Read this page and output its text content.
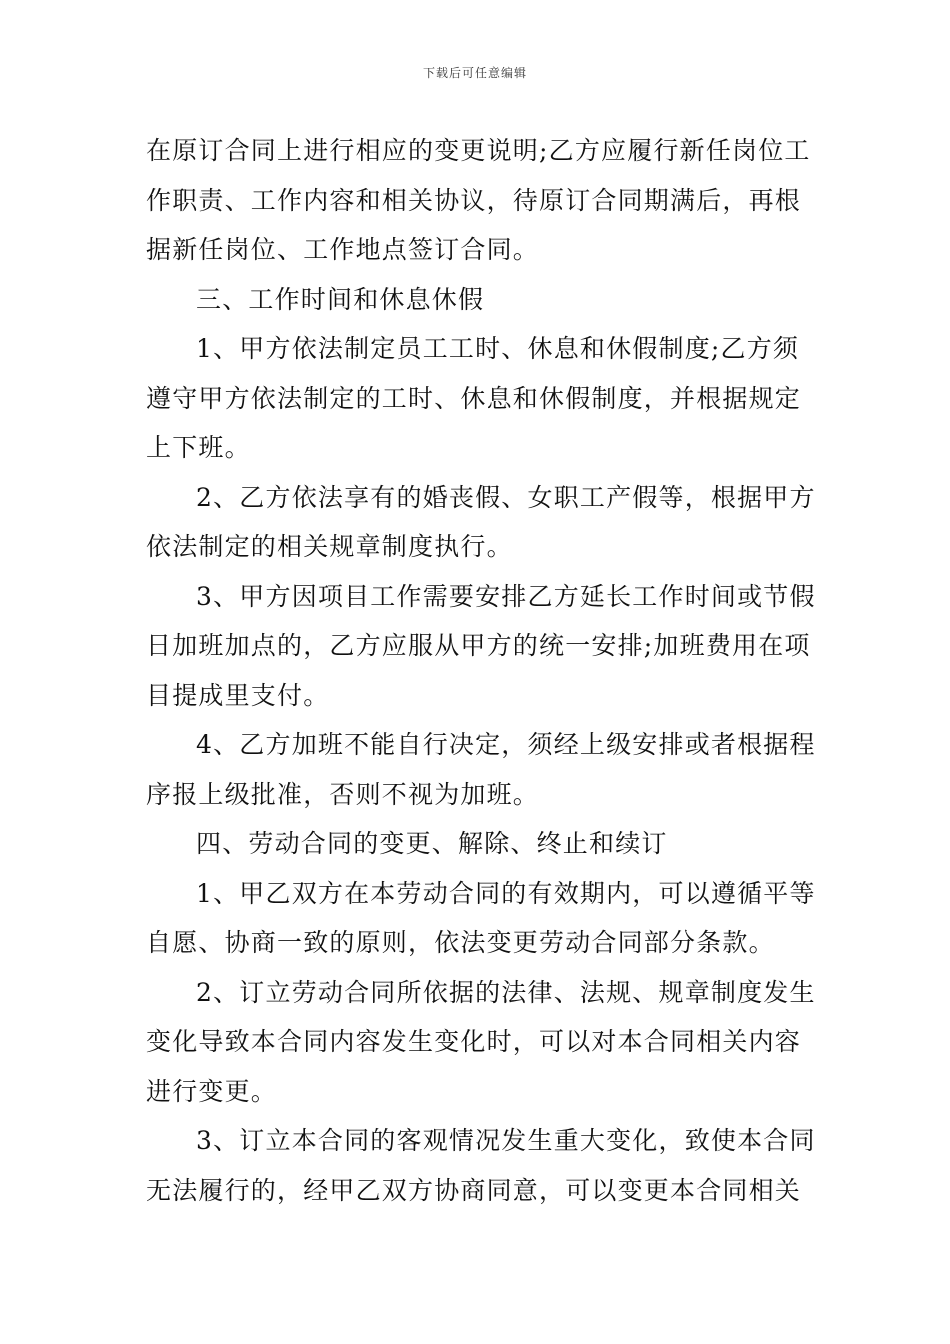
下载后可任意编辑
在原订合同上进行相应的变更说明;乙方应履行新任岗位工
作职责、工作内容和相关协议，待原订合同期满后，再根
据新任岗位、工作地点签订合同。
三、工作时间和休息休假
1、甲方依法制定员工工时、休息和休假制度;乙方须
遵守甲方依法制定的工时、休息和休假制度，并根据规定
上下班。
2、乙方依法享有的婚丧假、女职工产假等，根据甲方
依法制定的相关规章制度执行。
3、甲方因项目工作需要安排乙方延长工作时间或节假
日加班加点的，乙方应服从甲方的统一安排;加班费用在项
目提成里支付。
4、乙方加班不能自行决定，须经上级安排或者根据程
序报上级批准，否则不视为加班。
四、劳动合同的变更、解除、终止和续订
1、甲乙双方在本劳动合同的有效期内，可以遵循平等
自愿、协商一致的原则，依法变更劳动合同部分条款。
2、订立劳动合同所依据的法律、法规、规章制度发生
变化导致本合同内容发生变化时，可以对本合同相关内容
进行变更。
3、订立本合同的客观情况发生重大变化，致使本合同
无法履行的，经甲乙双方协商同意，可以变更本合同相关
